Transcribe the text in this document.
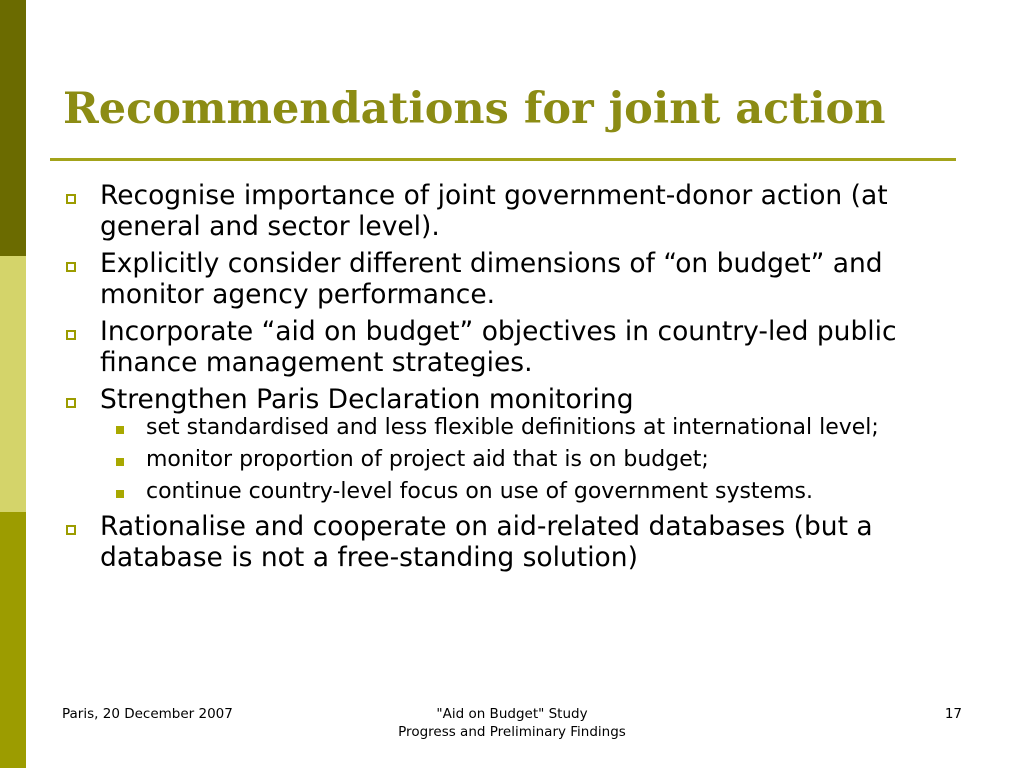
Recommendations for joint action
Recognise importance of joint government-donor action (at general and sector level).
Explicitly consider different dimensions of “on budget” and monitor agency performance.
Incorporate “aid on budget” objectives in country-led public finance management strategies.
Strengthen Paris Declaration monitoring
set standardised and less flexible definitions at international level;
monitor proportion of project aid that is on budget;
continue country-level focus on use of government systems.
Rationalise and cooperate on aid-related databases (but a database is not a free-standing solution)
Paris, 20 December 2007	"Aid on Budget" Study
Progress and Preliminary Findings
17
